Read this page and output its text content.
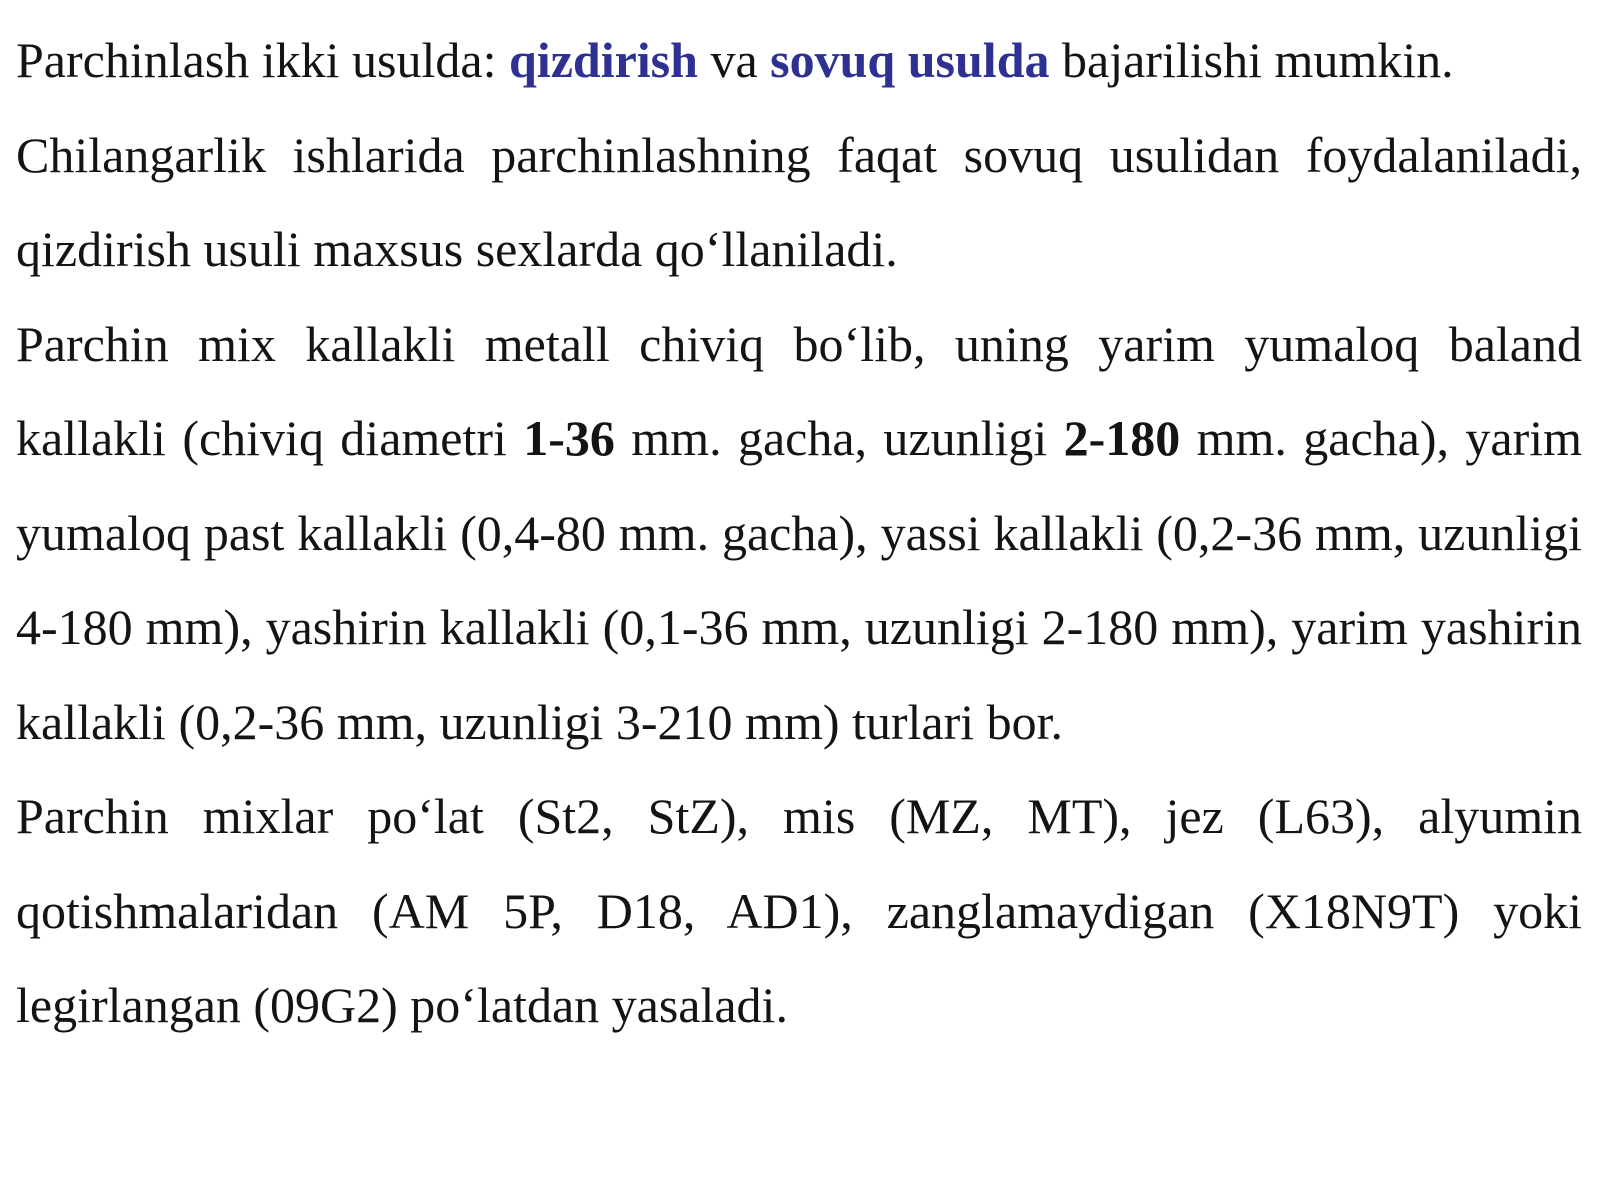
Parchinlash ikki usulda: qizdirish va sovuq usulda bajarilishi mumkin.

Chilangarlik ishlarida parchinlashning faqat sovuq usulidan foydalaniladi, qizdirish usuli maxsus sexlarda qo‘llaniladi.

Parchin mix kallakli metall chiviq bo‘lib, uning yarim yumaloq baland kallakli (chiviq diametri 1-36 mm. gacha, uzunligi 2-180 mm. gacha), yarim yumaloq past kallakli (0,4-80 mm. gacha), yassi kallakli (0,2-36 mm, uzunligi 4-180 mm), yashirin kallakli (0,1-36 mm, uzunligi 2-180 mm), yarim yashirin kallakli (0,2-36 mm, uzunligi 3-210 mm) turlari bor.

Parchin mixlar po‘lat (St2, StZ), mis (MZ, MT), jez (L63), alyumin qotishmalaridan (AM 5P, D18, AD1), zanglamaydigan (X18N9T) yoki legirlangan (09G2) po‘latdan yasaladi.
